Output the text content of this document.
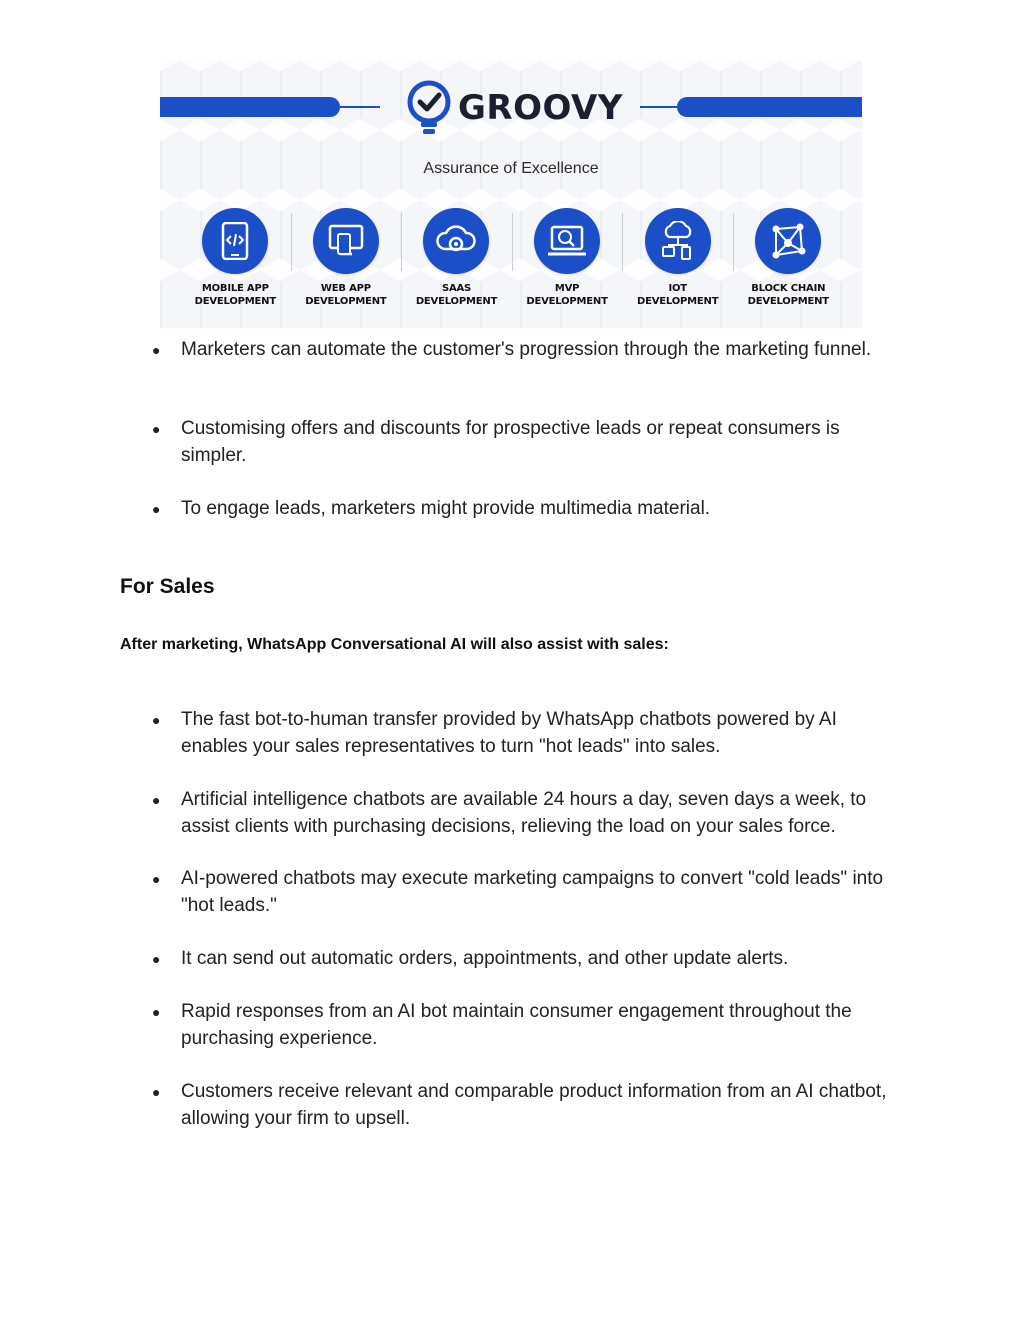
GROOVY
Assurance of Excellence
MOBILE APP
DEVELOPMENT
WEB APP
DEVELOPMENT
SAAS
DEVELOPMENT
MVP
DEVELOPMENT
IOT
DEVELOPMENT
BLOCK CHAIN
DEVELOPMENT
● Marketers can automate the customer's progression through the marketing funnel.
● Customising offers and discounts for prospective leads or repeat consumers is simpler.
● To engage leads, marketers might provide multimedia material.
For Sales
After marketing, WhatsApp Conversational AI will also assist with sales:
● The fast bot-to-human transfer provided by WhatsApp chatbots powered by AI enables your sales representatives to turn "hot leads" into sales.
● Artificial intelligence chatbots are available 24 hours a day, seven days a week, to assist clients with purchasing decisions, relieving the load on your sales force.
● AI-powered chatbots may execute marketing campaigns to convert "cold leads" into "hot leads."
● It can send out automatic orders, appointments, and other update alerts.
● Rapid responses from an AI bot maintain consumer engagement throughout the purchasing experience.
● Customers receive relevant and comparable product information from an AI chatbot, allowing your firm to upsell.
